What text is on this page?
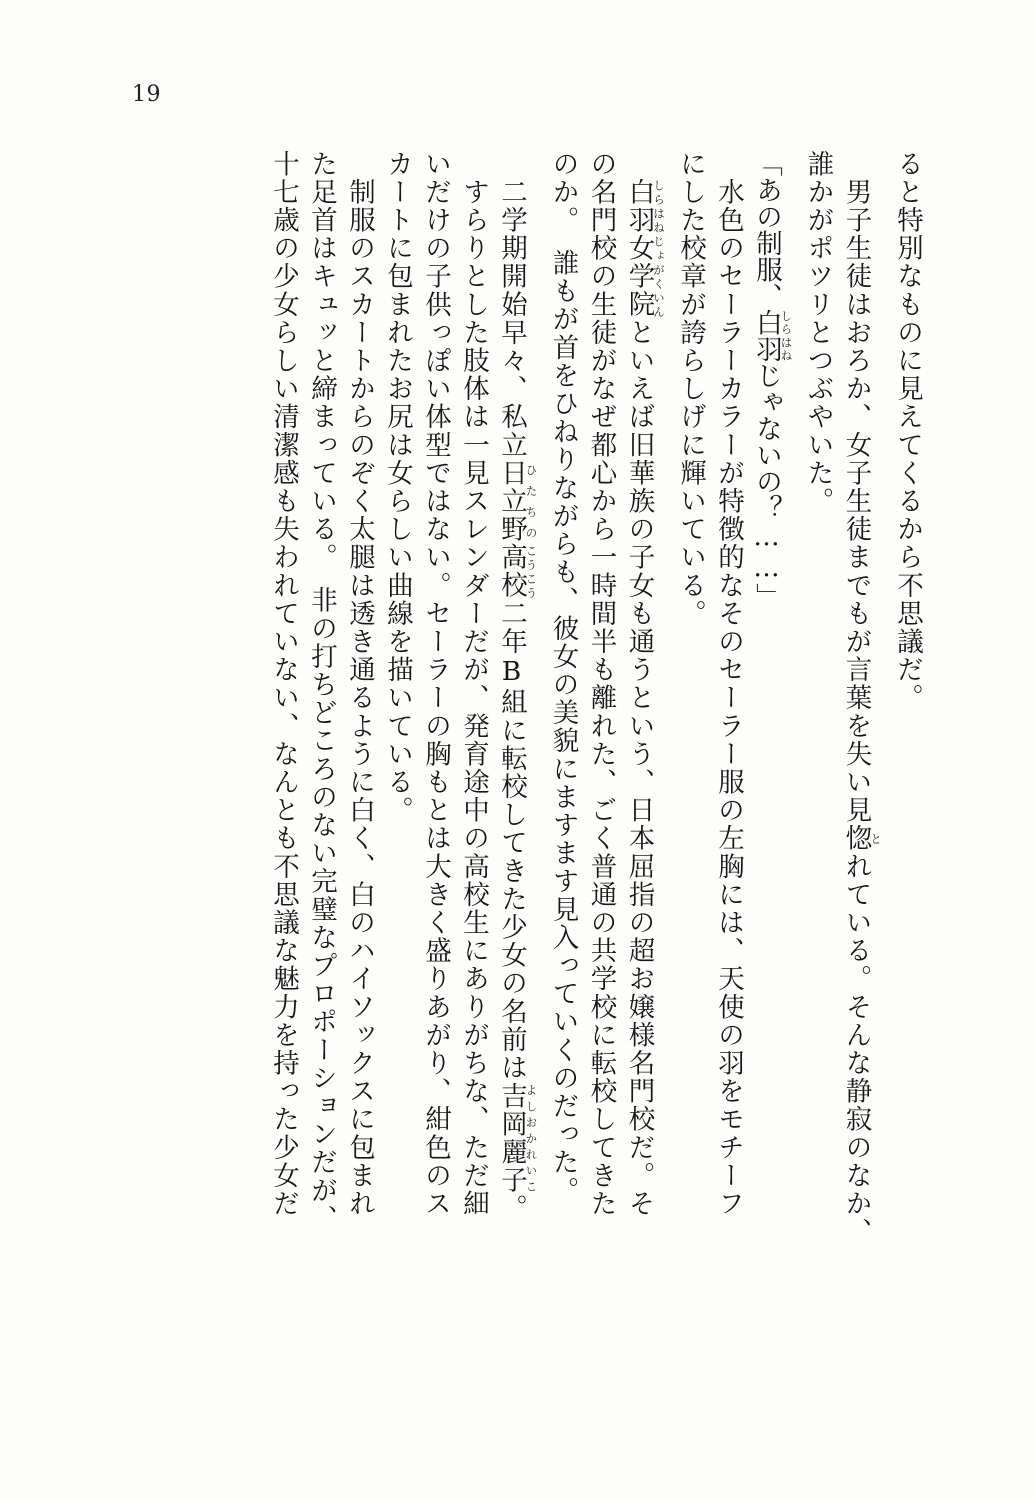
19
ると特別なものに見えてくるから不思議だ。
　男子生徒はおろか、女子生徒までもが言葉を失い見惚とれている。そんな静寂のなか、
誰かがポツリとつぶやいた。
「あの制服、白羽しらはねじゃないの？……」
　水色のセーラーカラーが特徴的なそのセーラー服の左胸には、天使の羽をモチーフ
にした校章が誇らしげに輝いている。
　白羽女学院しらはねじょがくいんといえば旧華族の子女も通うという、日本屈指の超お嬢様名門校だ。そ
の名門校の生徒がなぜ都心から一時間半も離れた、ごく普通の共学校に転校してきた
のか。　誰もが首をひねりながらも、彼女の美貌にますます見入っていくのだった。
　二学期開始早々、私立日立野ひたちの高校こうこう二年B組に転校してきた少女の名前は吉岡麗子よしおかれいこ。
　すらりとした肢体は一見スレンダーだが、発育途中の高校生にありがちな、ただ細
いだけの子供っぽい体型ではない。セーラーの胸もとは大きく盛りあがり、紺色のス
カートに包まれたお尻は女らしい曲線を描いている。
　制服のスカートからのぞく太腿は透き通るように白く、白のハイソックスに包まれ
た足首はキュッと締まっている。　非の打ちどころのない完璧なプロポーションだが、
十七歳の少女らしい清潔感も失われていない、なんとも不思議な魅力を持った少女だ
